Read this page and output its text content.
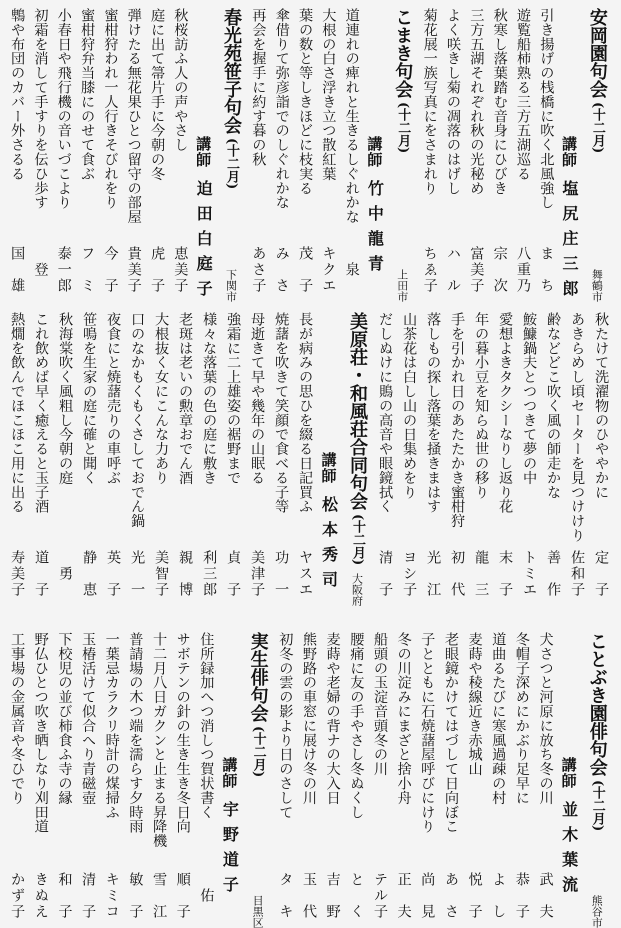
安岡園句会(十二月)
舞鶴市
講師塩尻庄三郎
引き揚げの桟橋に吹く北風強し
まち
遊覧船柿熟る三方五湖巡る
八重乃
秋寒し落葉踏む音身にひびき
宗次
三方五湖それぞれ秋の光秘め
富美子
よく咲きし菊の凋落のはげし
ハル
菊花展一族写真にをさまれり
ちゑ子
こまき句会(十二月)
上田市
講師竹中龍青
道連れの痺れと生きるしぐれかな
泉
大根の白さ浮き立つ散紅葉
キクエ
葉の数と等しきほどに枝実る
茂子
傘借りて弥彦詣でのしぐれかな
みさ
再会を握手に約す暮の秋
あさ子
春光苑笹子句会(十二月)
下関市
講師迫田白庭子
秋桜訪ふ人の声やさし
恵美子
庭に出て箒片手に今朝の冬
虎子
弾けたる無花果ひとつ留守の部屋
貴美子
蜜柑狩われ一人行きそびれをり
今子
蜜柑狩弁当膝にのせて食ぶ
フミ
小春日や飛行機の音いづこより
泰一郎
初霜を消して手すりを伝ひ歩す
登
鵯や布団のカバー外さるる
国雄
秋たけて洗濯物のひややかに
定子
あきらめし頃セーターを見つけけり
佐和子
齢などどこ吹く風の師走かな
善作
鮟鱇鍋夫とつつきて夢の中
トミエ
愛想よきタクシーなりし返り花
末子
年の暮小豆を知らぬ世の移り
龍三
手を引かれ日のあたたかき蜜柑狩
初代
落しもの探し落葉を掻きまはす
光江
山茶花は白し山の日集めをり
ヨシ子
だしぬけに鵙の高音や眼鏡拭く
清子
美原荘・和風荘合同句会(十二月)
大阪府
講師松本秀司
長が病みの思ひを綴る日記買ふ
ヤスエ
焼藷を吹きて笑顔で食べる子等
功一
母逝きて早や幾年の山眠る
美津子
強霜に二上雄姿の裾野まで
貞子
様々な落葉の色の庭に敷き
利三郎
老斑は老いの勲章おでん酒
親博
大根抜く女にこんな力あり
美智子
口のなかもくもくさしておでん鍋
光一
夜食にと焼藷売りの車呼ぶ
英子
笹鳴を生家の庭に確と聞く
静恵
秋海棠吹く風粗し今朝の庭
勇
これ飲めば早く癒えると玉子酒
道子
熱燗を飲んでほこほこ用に出る
寿美子
ことぶき園俳句会(十二月)
熊谷市
講師並木葉流
犬さつと河原に放ち冬の川
武夫
冬帽子深めにかぶり足早に
恭子
道曲るたびに寒風過疎の村
よし
麦蒔や稜線近き赤城山
悦子
老眼鏡かけてはづして日向ぼこ
あさ
子とともに石焼藷屋呼びにけり
尚見
冬の川淀みにまざと捨小舟
正夫
船頭の玉淀音頭冬の川
テル子
腰痛に友の手やさし冬ぬくし
とく
麦蒔や老婦の背ナの大入日
吉野
熊野路の車窓に展け冬の川
玉代
初冬の雲の影より日のさして
タキ
実生俳句会(十二月)
目黒区
講師宇野道子
住所録加へつ消しつ賀状書く
佑
サボテンの針の生き生き冬日向
順子
十二月八日ガクンと止まる昇降機
雪江
普請場の木つ端を濡らす夕時雨
敏子
一葉忌カラクリ時計の煤掃ふ
キミコ
玉椿活けて似合へり青磁壺
清子
下校児の並び柿食ふ寺の縁
和子
野仏ひとつ吹き晒しなり刈田道
きぬえ
工事場の金属音や冬ひでり
かず子
